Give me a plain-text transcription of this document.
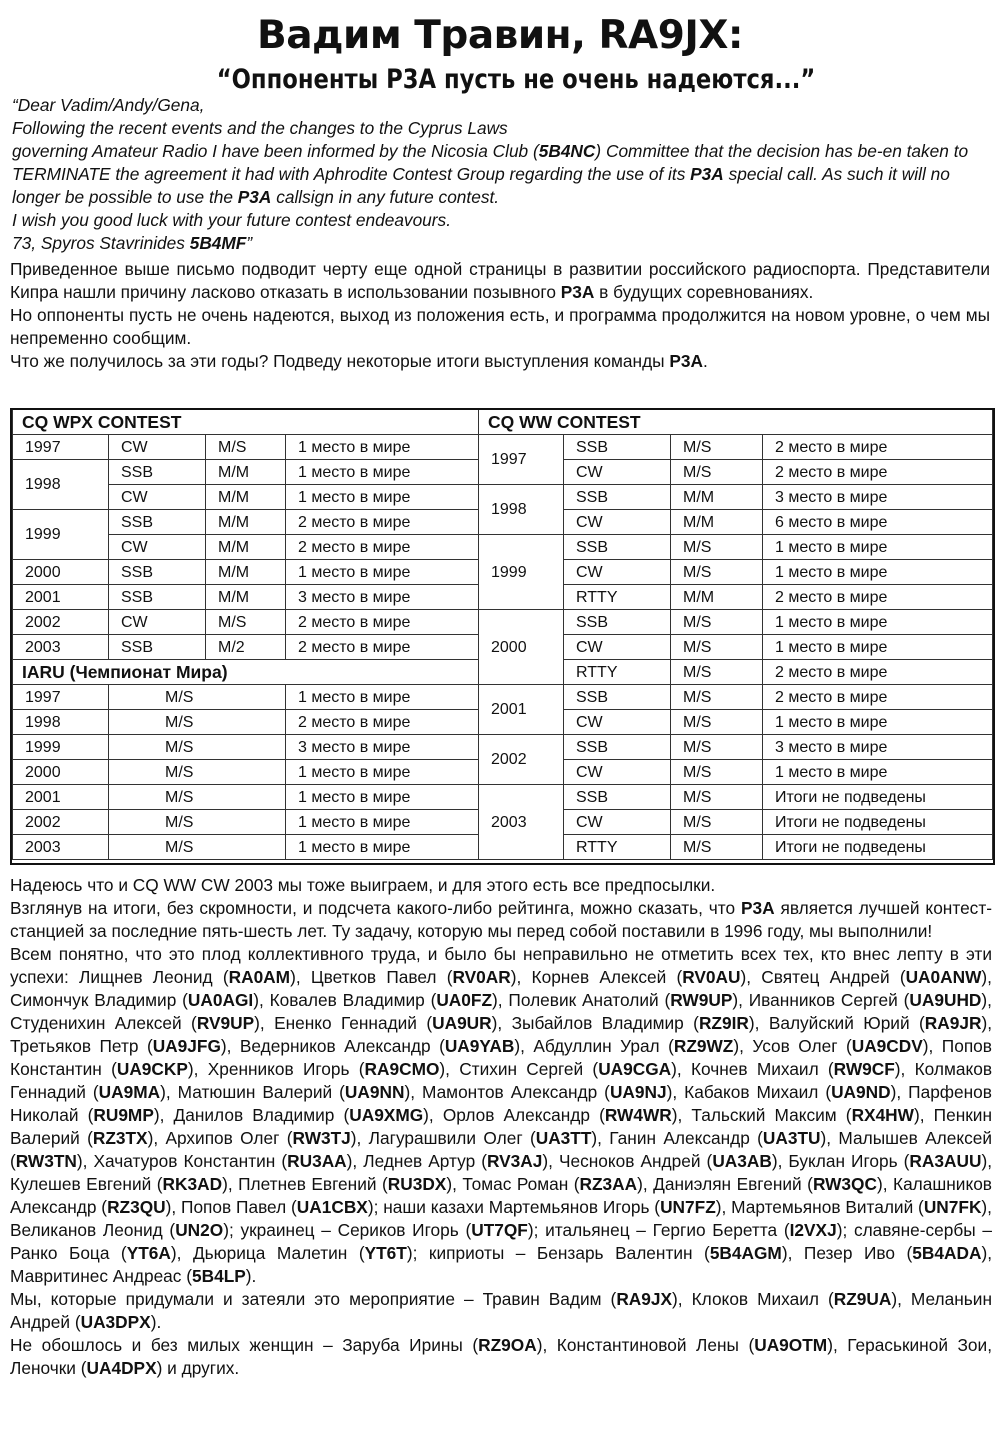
Вадим Травин, RA9JX:
“Оппоненты P3A пусть не очень надеются...”

“Dear Vadim/Andy/Gena,

Following the recent events and the changes to the Cyprus Laws

governing Amateur Radio I have been informed by the Nicosia Club (5B4NC) Committee that the decision has be-en taken to TERMINATE the agreement it had with Aphrodite Contest Group regarding the use of its P3A special call. As such it will no longer be possible to use the P3A callsign in any future contest.

I wish you good luck with your future contest endeavours.

73, Spyros Stavrinides 5B4MF”

Приведенное выше письмо подводит черту еще одной страницы в развитии российского радиоспорта. Представители Кипра нашли причину ласково отказать в использовании позывного P3A в будущих соревнованиях.

Но оппоненты пусть не очень надеются, выход из положения есть, и программа продолжится на новом уровне, о чем мы непременно сообщим.

Что же получилось за эти годы? Подведу некоторые итоги выступления команды P3A.

CQ WPX CONTEST			
1997	CW	M/S	1 место в мире
1998	SSB	M/M	1 место в мире
	CW	M/M	1 место в мире
1999	SSB	M/M	2 место в мире
	CW	M/M	2 место в мире
2000	SSB	M/M	1 место в мире
2001	SSB	M/M	3 место в мире
2002	CW	M/S	2 место в мире
2003	SSB	M/2	2 место в мире
IARU (Чемпионат Мира)			
1997	M/S		1 место в мире
1998	M/S		2 место в мире
1999	M/S		3 место в мире
2000	M/S		1 место в мире
2001	M/S		1 место в мире
2002	M/S		1 место в мире
2003	M/S		1 место в мире
CQ WW CONTEST			
1997	SSB	M/S	2 место в мире
	CW	M/S	2 место в мире
1998	SSB	M/M	3 место в мире
	CW	M/M	6 место в мире
1999	SSB	M/S	1 место в мире
	CW	M/S	1 место в мире
	RTTY	M/M	2 место в мире
2000	SSB	M/S	1 место в мире
	CW	M/S	1 место в мире
	RTTY	M/S	2 место в мире
2001	SSB	M/S	2 место в мире
	CW	M/S	1 место в мире
2002	SSB	M/S	3 место в мире
	CW	M/S	1 место в мире
2003	SSB	M/S	Итоги не подведены
	CW	M/S	Итоги не подведены
	RTTY	M/S	Итоги не подведены

Надеюсь что и CQ WW CW 2003 мы тоже выиграем, и для этого есть все предпосылки.

Взглянув на итоги, без скромности, и подсчета какого-либо рейтинга, можно сказать, что P3A является лучшей контест-станцией за последние пять-шесть лет. Ту задачу, которую мы перед собой поставили в 1996 году, мы выполнили!

Всем понятно, что это плод коллективного труда, и было бы неправильно не отметить всех тех, кто внес лепту в эти успехи: Лищнев Леонид (RA0AM), Цветков Павел (RV0AR), Корнев Алексей (RV0AU), Святец Андрей (UA0ANW), Симончук Владимир (UA0AGI), Ковалев Владимир (UA0FZ), Полевик Анатолий (RW9UP), Иванников Сергей (UA9UHD), Студенихин Алексей (RV9UP), Ененко Геннадий (UA9UR), Зыбайлов Владимир (RZ9IR), Валуйский Юрий (RA9JR), Третьяков Петр (UA9JFG), Ведерников Александр (UA9YAB), Абдуллин Урал (RZ9WZ), Усов Олег (UA9CDV), Попов Константин (UA9CKP), Хренников Игорь (RA9CMO), Стихин Сергей (UA9CGA), Кочнев Михаил (RW9CF), Колмаков Геннадий (UA9MA), Матюшин Валерий (UA9NN), Мамонтов Александр (UA9NJ), Кабаков Михаил (UA9ND), Парфенов Николай (RU9MP), Данилов Владимир (UA9XMG), Орлов Александр (RW4WR), Тальский Максим (RX4HW), Пенкин Валерий (RZ3TX), Архипов Олег (RW3TJ), Лагурашвили Олег (UA3TT), Ганин Александр (UA3TU), Малышев Алексей (RW3TN), Хачатуров Константин (RU3AA), Леднев Артур (RV3AJ), Чесноков Андрей (UA3AB), Буклан Игорь (RA3AUU), Кулешев Евгений (RK3AD), Плетнев Евгений (RU3DX), Томас Роман (RZ3AA), Даниэлян Евгений (RW3QC), Калашников Александр (RZ3QU), Попов Павел (UA1CBX); наши казахи Мартемьянов Игорь (UN7FZ), Мартемьянов Виталий (UN7FK), Великанов Леонид (UN2O); украинец – Сериков Игорь (UT7QF); итальянец – Гергио Беретта (I2VXJ); славяне-сербы – Ранко Боца (YT6A), Дьюрица Малетин (YT6T); киприоты – Бензарь Валентин (5B4AGM), Пезер Иво (5B4ADA), Мавритинес Андреас (5B4LP).

Мы, которые придумали и затеяли это мероприятие – Травин Вадим (RA9JX), Клоков Михаил (RZ9UA), Меланьин Андрей (UA3DPX).

Не обошлось и без милых женщин – Заруба Ирины (RZ9OA), Константиновой Лены (UA9OTM), Гераськиной Зои, Леночки (UA4DPX) и других.
